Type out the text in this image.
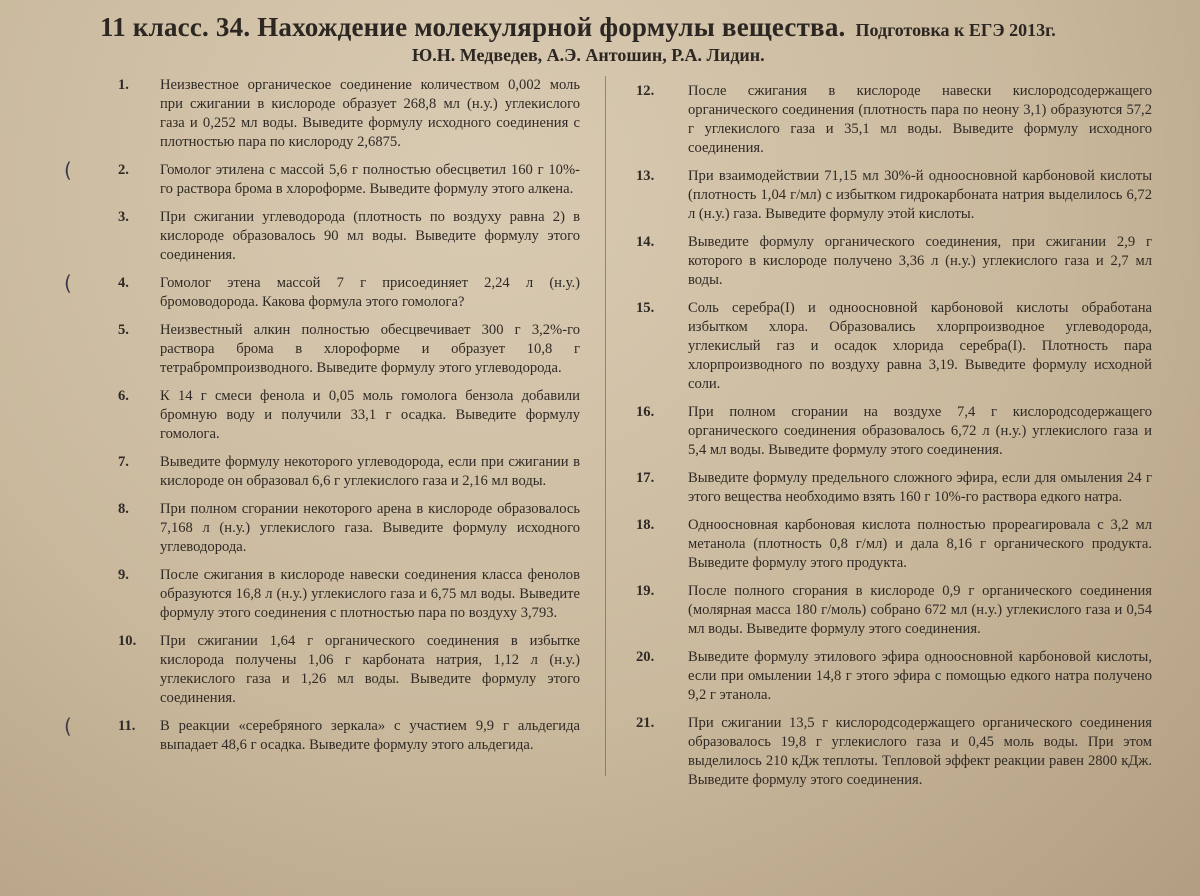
11 класс. 34. Нахождение молекулярной формулы вещества. Подготовка к ЕГЭ 2013г.
Ю.Н. Медведев, А.Э. Антошин, Р.А. Лидин.
1. Неизвестное органическое соединение количеством 0,002 моль при сжигании в кислороде образует 268,8 мл (н.у.) углекислого газа и 0,252 мл воды. Выведите формулу исходного соединения с плотностью пара по кислороду 2,6875.
(	2. Гомолог этилена с массой 5,6 г полностью обесцветил 160 г 10%-го раствора брома в хлороформе. Выведите формулу этого алкена.
3. При сжигании углеводорода (плотность по воздуху равна 2) в кислороде образовалось 90 мл воды. Выведите формулу этого соединения.
(	4. Гомолог этена массой 7 г присоединяет 2,24 л (н.у.) бромоводорода. Какова формула этого гомолога?
5. Неизвестный алкин полностью обесцвечивает 300 г 3,2%-го раствора брома в хлороформе и образует 10,8 г тетрабромпроизводного. Выведите формулу этого углеводорода.
6. К 14 г смеси фенола и 0,05 моль гомолога бензола добавили бромную воду и получили 33,1 г осадка. Выведите формулу гомолога.
7. Выведите формулу некоторого углеводорода, если при сжигании в кислороде он образовал 6,6 г углекислого газа и 2,16 мл воды.
8. При полном сгорании некоторого арена в кислороде образовалось 7,168 л (н.у.) углекислого газа. Выведите формулу исходного углеводорода.
9. После сжигания в кислороде навески соединения класса фенолов образуются 16,8 л (н.у.) углекислого газа и 6,75 мл воды. Выведите формулу этого соединения с плотностью пара по воздуху 3,793.
10. При сжигании 1,64 г органического соединения в избытке кислорода получены 1,06 г карбоната натрия, 1,12 л (н.у.) углекислого газа и 1,26 мл воды. Выведите формулу этого соединения.
(	11. В реакции «серебряного зеркала» с участием 9,9 г альдегида выпадает 48,6 г осадка. Выведите формулу этого альдегида.
12. После сжигания в кислороде навески кислородсодержащего органического соединения (плотность пара по неону 3,1) образуются 57,2 г углекислого газа и 35,1 мл воды. Выведите формулу исходного соединения.
13. При взаимодействии 71,15 мл 30%-й одноосновной карбоновой кислоты (плотность 1,04 г/мл) с избытком гидрокарбоната натрия выделилось 6,72 л (н.у.) газа. Выведите формулу этой кислоты.
14. Выведите формулу органического соединения, при сжигании 2,9 г которого в кислороде получено 3,36 л (н.у.) углекислого газа и 2,7 мл воды.
15. Соль серебра(I) и одноосновной карбоновой кислоты обработана избытком хлора. Образовались хлорпроизводное углеводорода, углекислый газ и осадок хлорида серебра(I). Плотность пара хлорпроизводного по воздуху равна 3,19. Выведите формулу исходной соли.
16. При полном сгорании на воздухе 7,4 г кислородсодержащего органического соединения образовалось 6,72 л (н.у.) углекислого газа и 5,4 мл воды. Выведите формулу этого соединения.
17. Выведите формулу предельного сложного эфира, если для омыления 24 г этого вещества необходимо взять 160 г 10%-го раствора едкого натра.
18. Одноосновная карбоновая кислота полностью прореагировала с 3,2 мл метанола (плотность 0,8 г/мл) и дала 8,16 г органического продукта. Выведите формулу этого продукта.
19. После полного сгорания в кислороде 0,9 г органического соединения (молярная масса 180 г/моль) собрано 672 мл (н.у.) углекислого газа и 0,54 мл воды. Выведите формулу этого соединения.
20. Выведите формулу этилового эфира одноосновной карбоновой кислоты, если при омылении 14,8 г этого эфира с помощью едкого натра получено 9,2 г этанола.
21. При сжигании 13,5 г кислородсодержащего органического соединения образовалось 19,8 г углекислого газа и 0,45 моль воды. При этом выделилось 210 кДж теплоты. Тепловой эффект реакции равен 2800 кДж. Выведите формулу этого соединения.
